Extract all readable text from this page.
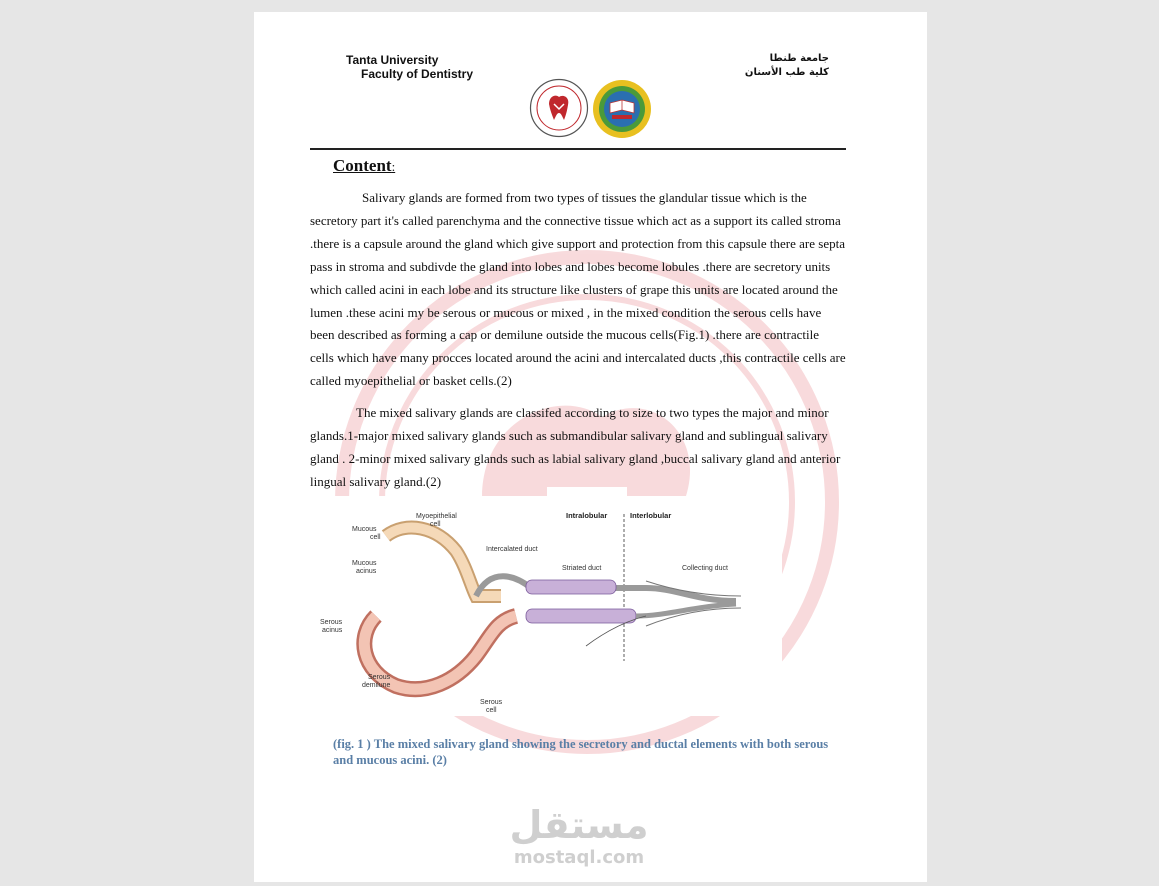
Tanta University
Faculty of Dentistry
جامعة طنطا
كلية طب الأسنان
Content:

Salivary glands are formed from two types of tissues the glandular tissue which is the secretory part it's called parenchyma and the connective tissue which act as a support its called stroma .there is a capsule around the gland which give support and protection from this capsule there are septa pass in stroma and subdivde the gland into lobes and lobes become lobules .there are secretory units which called acini in each lobe and its structure like clusters of grape this units are located around the lumen .these acini my be serous or mucous or mixed , in the mixed condition the serous cells have been described as forming a cap or demilune outside the mucous cells(Fig.1) .there are contractile cells which have many procces located around the acini and intercalated ducts ,this contractile cells are called myoepithelial or basket cells.(2)

The mixed salivary glands are classifed according to size to two types the major and minor glands.1-major mixed salivary glands such as submandibular salivary gland and sublingual salivary gland . 2-minor mixed salivary glands such as labial salivary gland ,buccal salivary gland and anterior lingual salivary gland.(2)

Myoepithelial
cell
Intralobular	Interlobular
Mucous
cell
Mucous
acinus
Intercalated duct
Striated duct	Collecting duct
Serous
acinus
Serous
demilune
Serous
cell
(fig. 1 ) The mixed salivary gland showing the secretory and ductal elements with both serous and mucous acini. (2)
مستقل
mostaql.com
